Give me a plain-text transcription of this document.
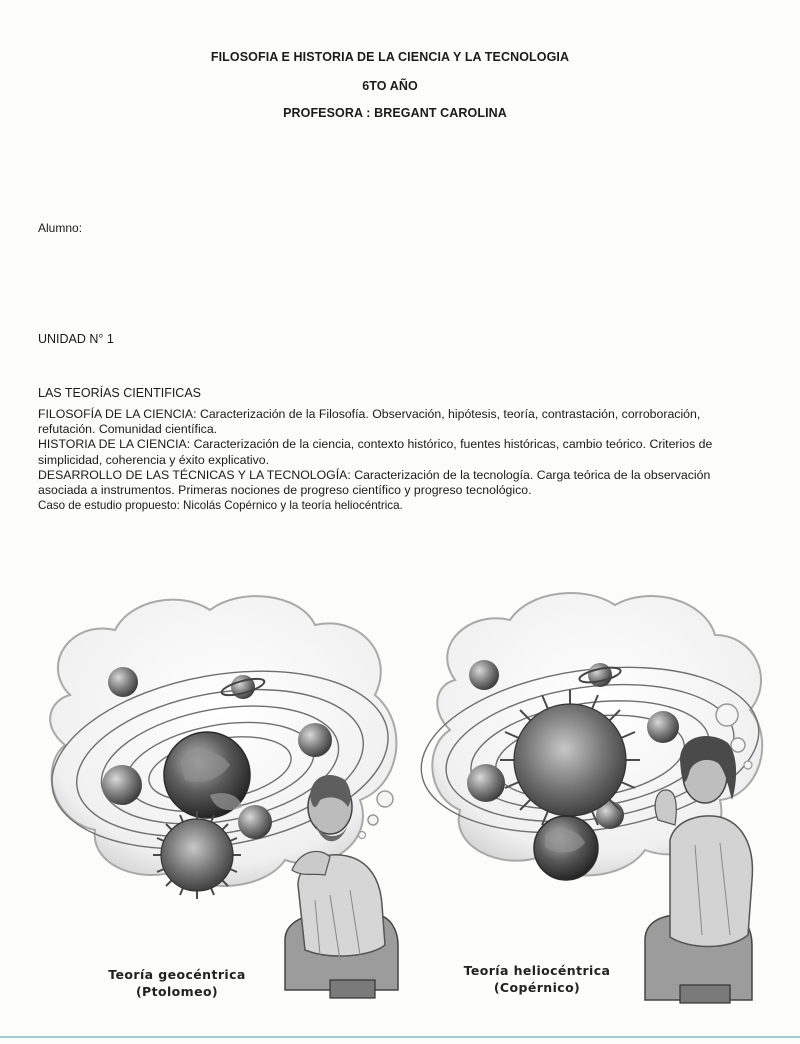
FILOSOFIA E HISTORIA DE LA CIENCIA Y LA TECNOLOGIA
6TO AÑO
PROFESORA : BREGANT CAROLINA
Alumno:
UNIDAD N° 1
LAS TEORÍAS CIENTIFICAS
FILOSOFÍA DE LA CIENCIA: Caracterización de la Filosofía. Observación, hipótesis, teoría, contrastación, corroboración, refutación. Comunidad científica.
HISTORIA DE LA CIENCIA: Caracterización de la ciencia, contexto histórico, fuentes históricas, cambio teórico. Criterios de simplicidad, coherencia y éxito explicativo.
DESARROLLO DE LAS TÉCNICAS Y LA TECNOLOGÍA: Caracterización de la tecnología. Carga teórica de la observación asociada a instrumentos. Primeras nociones de progreso científico y progreso tecnológico.
Caso de estudio propuesto: Nicolás Copérnico y la teoría heliocéntrica.
Teoría geocéntrica
(Ptolomeo)
Teoría heliocéntrica
(Copérnico)
